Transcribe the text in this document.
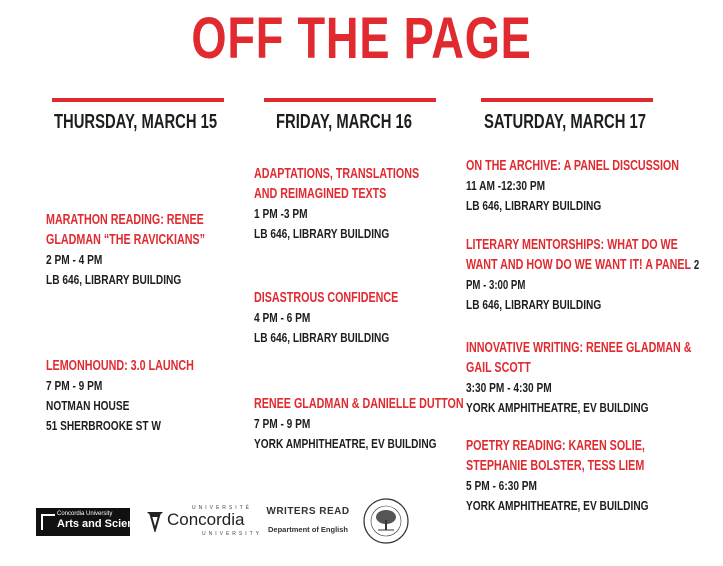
OFF THE PAGE
THURSDAY, MARCH 15
MARATHON READING: RENEE GLADMAN “THE RAVICKIANS”
2 PM - 4 PM
LB 646, LIBRARY BUILDING
LEMONHOUND: 3.0 LAUNCH
7 PM - 9 PM
NOTMAN HOUSE
51 SHERBROOKE ST W
FRIDAY, MARCH 16
ADAPTATIONS, TRANSLATIONS AND REIMAGINED TEXTS
1 PM -3 PM
LB 646, LIBRARY BUILDING
DISASTROUS CONFIDENCE
4 PM - 6 PM
LB 646, LIBRARY BUILDING
RENEE GLADMAN & DANIELLE DUTTON
7 PM - 9 PM
YORK AMPHITHEATRE, EV BUILDING
SATURDAY, MARCH 17
ON THE ARCHIVE: A PANEL DISCUSSION
11 AM -12:30 PM
LB 646, LIBRARY BUILDING
LITERARY MENTORSHIPS: WHAT DO WE WANT AND HOW DO WE WANT IT! A PANEL 2 PM - 3:00 PM
LB 646, LIBRARY BUILDING
INNOVATIVE WRITING: RENEE GLADMAN & GAIL SCOTT
3:30 PM - 4:30 PM
YORK AMPHITHEATRE, EV BUILDING
POETRY READING: KAREN SOLIE, STEPHANIE BOLSTER, TESS LIEM
5 PM - 6:30 PM
YORK AMPHITHEATRE, EV BUILDING
Concordia University
Arts and Science
UNIVERSITÉ
Concordia
UNIVERSITY
WRITERS READ
Department of English
